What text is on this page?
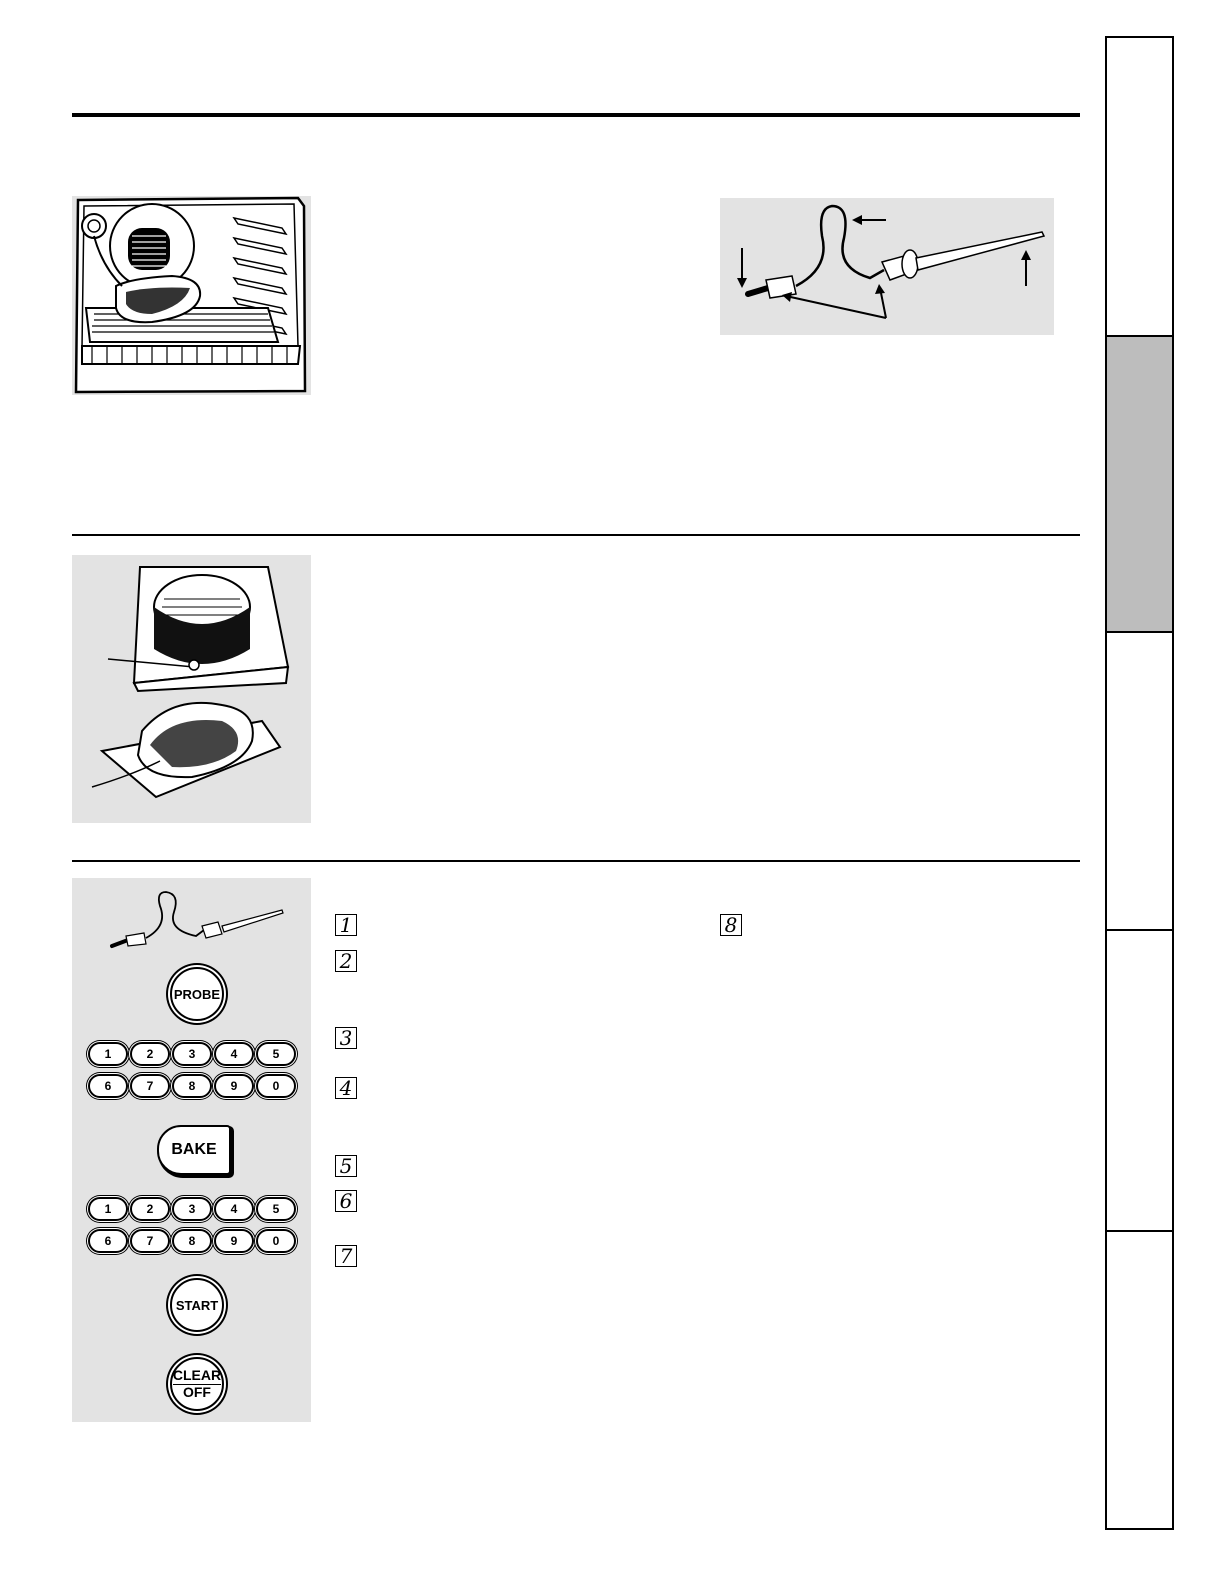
PROBE
1	2	3	4	5
6	7	8	9	0
BAKE
1	2	3	4	5
6	7	8	9	0
START
CLEAR
OFF
1
2
3
4
5
6
7
8
